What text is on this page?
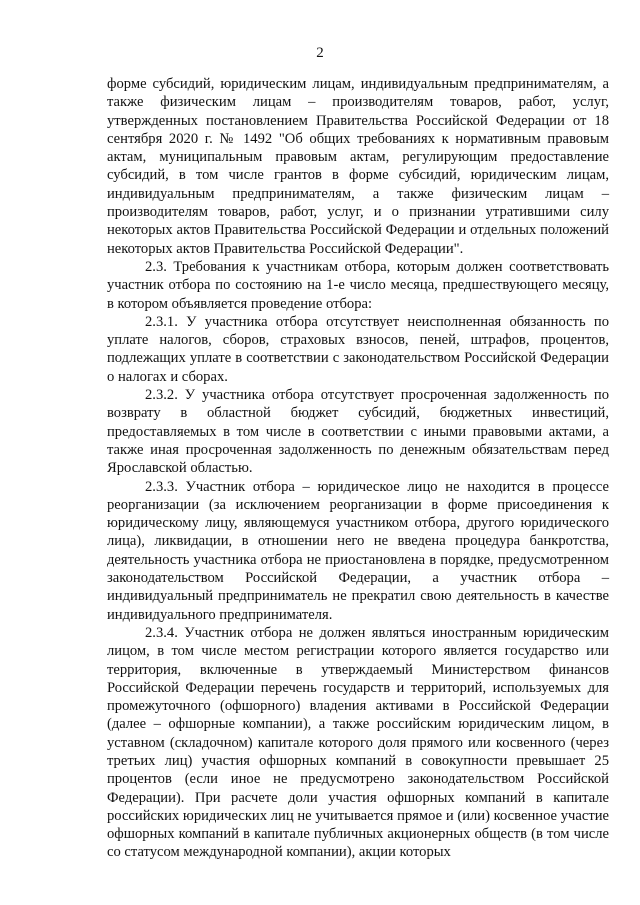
2

форме субсидий, юридическим лицам, индивидуальным предпринимателям, а также физическим лицам – производителям товаров, работ, услуг, утвержденных постановлением Правительства Российской Федерации от 18 сентября 2020 г. № 1492 "Об общих требованиях к нормативным правовым актам, муниципальным правовым актам, регулирующим предоставление субсидий, в том числе грантов в форме субсидий, юридическим лицам, индивидуальным предпринимателям, а также физическим лицам – производителям товаров, работ, услуг, и о признании утратившими силу некоторых актов Правительства Российской Федерации и отдельных положений некоторых актов Правительства Российской Федерации".

2.3. Требования к участникам отбора, которым должен соответствовать участник отбора по состоянию на 1-е число месяца, предшествующего месяцу, в котором объявляется проведение отбора:

2.3.1. У участника отбора отсутствует неисполненная обязанность по уплате налогов, сборов, страховых взносов, пеней, штрафов, процентов, подлежащих уплате в соответствии с законодательством Российской Федерации о налогах и сборах.

2.3.2. У участника отбора отсутствует просроченная задолженность по возврату в областной бюджет субсидий, бюджетных инвестиций, предоставляемых в том числе в соответствии с иными правовыми актами, а также иная просроченная задолженность по денежным обязательствам перед Ярославской областью.

2.3.3. Участник отбора – юридическое лицо не находится в процессе реорганизации (за исключением реорганизации в форме присоединения к юридическому лицу, являющемуся участником отбора, другого юридического лица), ликвидации, в отношении него не введена процедура банкротства, деятельность участника отбора не приостановлена в порядке, предусмотренном законодательством Российской Федерации, а участник отбора – индивидуальный предприниматель не прекратил свою деятельность в качестве индивидуального предпринимателя.

2.3.4. Участник отбора не должен являться иностранным юридическим лицом, в том числе местом регистрации которого является государство или территория, включенные в утверждаемый Министерством финансов Российской Федерации перечень государств и территорий, используемых для промежуточного (офшорного) владения активами в Российской Федерации (далее – офшорные компании), а также российским юридическим лицом, в уставном (складочном) капитале которого доля прямого или косвенного (через третьих лиц) участия офшорных компаний в совокупности превышает 25 процентов (если иное не предусмотрено законодательством Российской Федерации). При расчете доли участия офшорных компаний в капитале российских юридических лиц не учитывается прямое и (или) косвенное участие офшорных компаний в капитале публичных акционерных обществ (в том числе со статусом международной компании), акции которых
